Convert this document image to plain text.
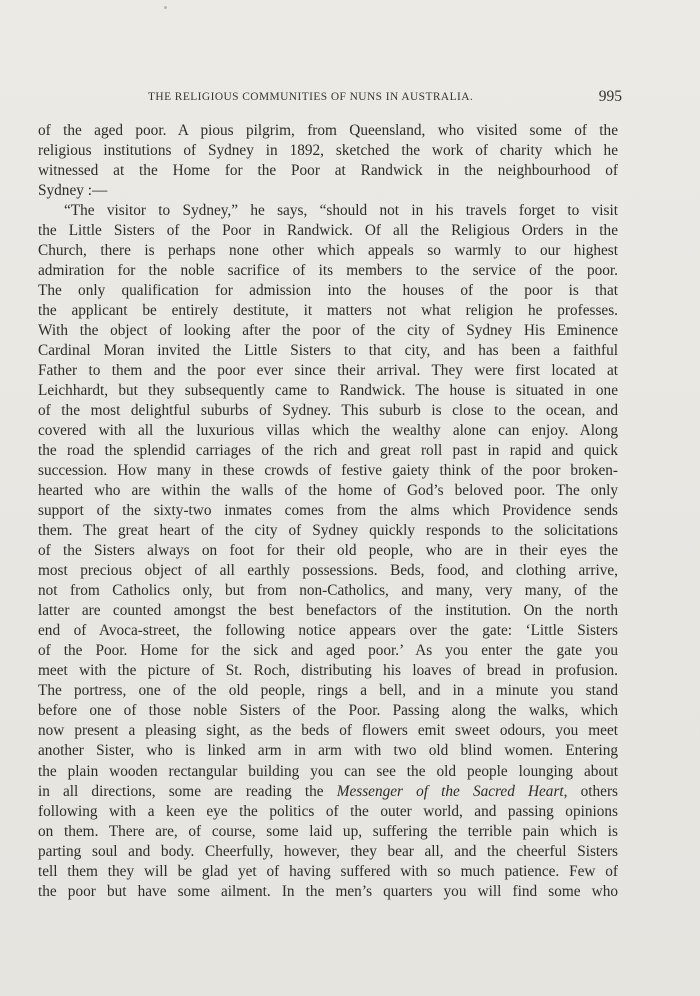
THE RELIGIOUS COMMUNITIES OF NUNS IN AUSTRALIA.	995
of the aged poor. A pious pilgrim, from Queensland, who visited some of the
religious institutions of Sydney in 1892, sketched the work of charity which he
witnessed at the Home for the Poor at Randwick in the neighbourhood of
Sydney :—
“The visitor to Sydney,” he says, “should not in his travels forget to visit
the Little Sisters of the Poor in Randwick. Of all the Religious Orders in the
Church, there is perhaps none other which appeals so warmly to our highest
admiration for the noble sacrifice of its members to the service of the poor.
The only qualification for admission into the houses of the poor is that
the applicant be entirely destitute, it matters not what religion he professes.
With the object of looking after the poor of the city of Sydney His Eminence
Cardinal Moran invited the Little Sisters to that city, and has been a faithful
Father to them and the poor ever since their arrival. They were first located at
Leichhardt, but they subsequently came to Randwick. The house is situated in one
of the most delightful suburbs of Sydney. This suburb is close to the ocean, and
covered with all the luxurious villas which the wealthy alone can enjoy. Along
the road the splendid carriages of the rich and great roll past in rapid and quick
succession. How many in these crowds of festive gaiety think of the poor broken-
hearted who are within the walls of the home of God’s beloved poor. The only
support of the sixty-two inmates comes from the alms which Providence sends
them. The great heart of the city of Sydney quickly responds to the solicitations
of the Sisters always on foot for their old people, who are in their eyes the
most precious object of all earthly possessions. Beds, food, and clothing arrive,
not from Catholics only, but from non-Catholics, and many, very many, of the
latter are counted amongst the best benefactors of the institution. On the north
end of Avoca-street, the following notice appears over the gate: ‘Little Sisters
of the Poor. Home for the sick and aged poor.’ As you enter the gate you
meet with the picture of St. Roch, distributing his loaves of bread in profusion.
The portress, one of the old people, rings a bell, and in a minute you stand
before one of those noble Sisters of the Poor. Passing along the walks, which
now present a pleasing sight, as the beds of flowers emit sweet odours, you meet
another Sister, who is linked arm in arm with two old blind women. Entering
the plain wooden rectangular building you can see the old people lounging about
in all directions, some are reading the Messenger of the Sacred Heart, others
following with a keen eye the politics of the outer world, and passing opinions
on them. There are, of course, some laid up, suffering the terrible pain which is
parting soul and body. Cheerfully, however, they bear all, and the cheerful Sisters
tell them they will be glad yet of having suffered with so much patience. Few of
the poor but have some ailment. In the men’s quarters you will find some who
